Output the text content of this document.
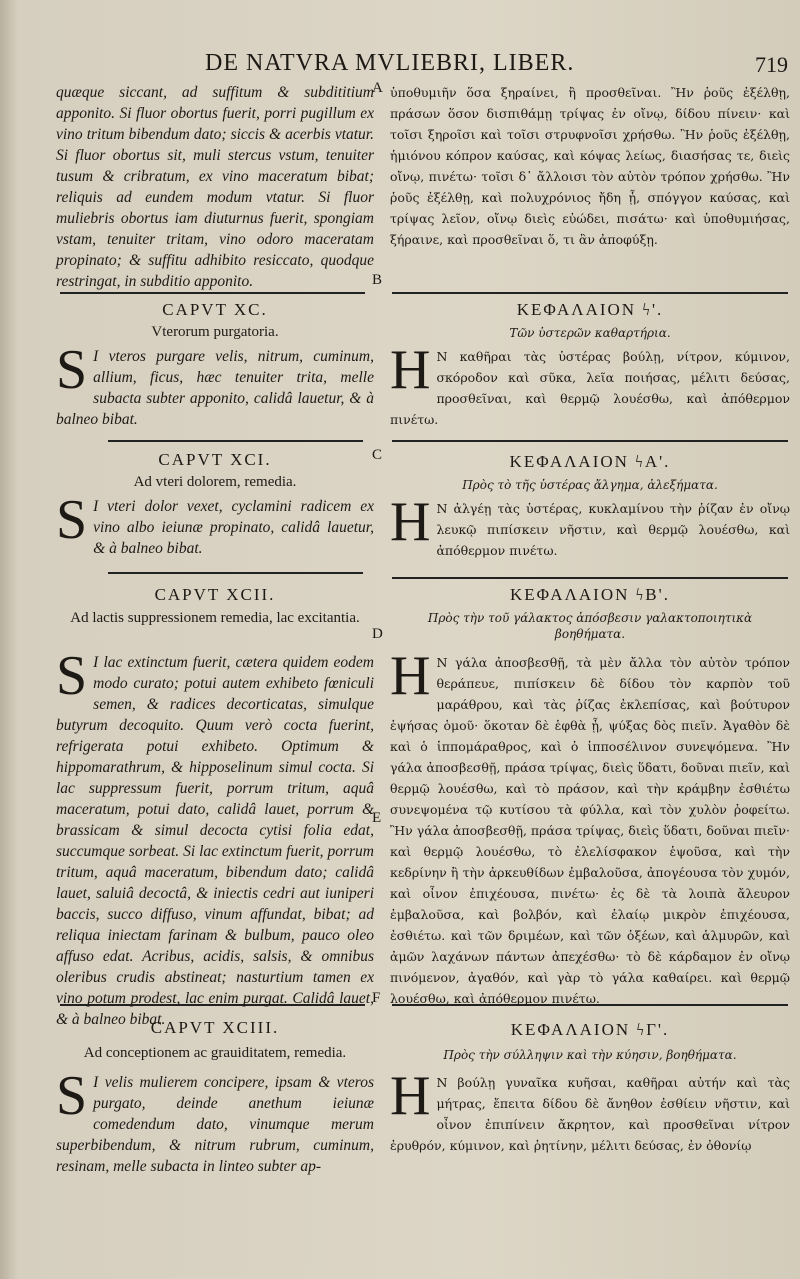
DE NATVRA MVLIEBRI, LIBER.	719
A
B
C
D
E
F
quæque siccant, ad suffitum & subdititium apponito. Si fluor obortus fuerit, porri pugillum ex vino tritum bibendum dato; siccis & acerbis vtatur. Si fluor obortus sit, muli stercus vstum, tenuiter tusum & cribratum, ex vino maceratum bibat; reliquis ad eundem modum vtatur. Si fluor muliebris obortus iam diuturnus fuerit, spongiam vstam, tenuiter tritam, vino odoro maceratam propinato; & suffitu adhibito resiccato, quodque restringat, in subditio apponito.
ὑποθυμιῆν ὅσα ξηραίνει, ἢ προσθεῖναι. Ἢν ῥοῦς ἐξέλθῃ, πράσων ὅσον δισπιθάμῃ τρίψας ἐν οἴνῳ, δίδου πίνειν· καὶ τοῖσι ξηροῖσι καὶ τοῖσι στρυφνοῖσι χρήσθω. Ἢν ῥοῦς ἐξέλθῃ, ἡμιόνου κόπρον καύσας, καὶ κόψας λείως, διασήσας τε, διεὶς οἴνῳ, πινέτω· τοῖσι δ᾽ ἄλλοισι τὸν αὐτὸν τρόπον χρήσθω. Ἢν ῥοῦς ἐξέλθῃ, καὶ πολυχρόνιος ἤδη ᾖ, σπόγγον καύσας, καὶ τρίψας λεῖον, οἴνῳ διεὶς εὐώδει, πισάτω· καὶ ὑποθυμιήσας, ξήραινε, καὶ προσθεῖναι ὅ, τι ἂν ἀποφύξῃ.
CAPVT XC.
Vterorum purgatoria.
S I vteros purgare velis, nitrum, cuminum, allium, ficus, hæc tenuiter trita, melle subacta subter apponito, calidâ lauetur, & à balneo bibat.
ΚΕΦΑΛΑΙΟΝ ϟ'.
Τῶν ὑστερῶν καθαρτήρια.
H Ν καθῆραι τὰς ὑστέρας βούλῃ, νίτρον, κύμινον, σκόροδον καὶ σῦκα, λεῖα ποιήσας, μέλιτι δεύσας, προσθεῖναι, καὶ θερμῷ λουέσθω, καὶ ἀπόθερμον πινέτω.
CAPVT XCI.
Ad vteri dolorem, remedia.
S I vteri dolor vexet, cyclamini radicem ex vino albo ieiunæ propinato, calidâ lauetur, & à balneo bibat.
ΚΕΦΑΛΑΙΟΝ ϟΑ'.
Πρὸς τὸ τῆς ὑστέρας ἄλγημα, ἀλεξήματα.
H Ν ἀλγέῃ τὰς ὑστέρας, κυκλαμίνου τὴν ῥίζαν ἐν οἴνῳ λευκῷ πιπίσκειν νῆστιν, καὶ θερμῷ λουέσθω, καὶ ἀπόθερμον πινέτω.
CAPVT XCII.
Ad lactis suppressionem remedia, lac excitantia.
S I lac extinctum fuerit, cætera quidem eodem modo curato; potui autem exhibeto fœniculi semen, & radices decorticatas, simulque butyrum decoquito. Quum verò cocta fuerint, refrigerata potui exhibeto. Optimum & hippomarathrum, & hipposelinum simul cocta. Si lac suppressum fuerit, porrum tritum, aquâ maceratum, potui dato, calidâ lauet, porrum & brassicam & simul decocta cytisi folia edat, succumque sorbeat. Si lac extinctum fuerit, porrum tritum, aquâ maceratum, bibendum dato; calidâ lauet, saluiâ decoctâ, & iniectis cedri aut iuniperi baccis, succo diffuso, vinum affundat, bibat; ad reliqua iniectam farinam & bulbum, pauco oleo affuso edat. Acribus, acidis, salsis, & omnibus oleribus crudis abstineat; nasturtium tamen ex vino potum prodest, lac enim purgat. Calidâ lauet, & à balneo bibat.
ΚΕΦΑΛΑΙΟΝ ϟΒ'.
Πρὸς τὴν τοῦ γάλακτος ἀπόσβεσιν γαλακτοποιητικὰ βοηθήματα.
H Ν γάλα ἀποσβεσθῇ, τὰ μὲν ἄλλα τὸν αὐτὸν τρόπον θεράπευε, πιπίσκειν δὲ δίδου τὸν καρπὸν τοῦ μαράθρου, καὶ τὰς ῥίζας ἐκλεπίσας, καὶ βούτυρον ἑψήσας ὁμοῦ· ὅκοταν δὲ ἑφθὰ ᾖ, ψύξας δὸς πιεῖν. Ἀγαθὸν δὲ καὶ ὁ ἱππομάραθρος, καὶ ὁ ἱπποσέλινον συνεψόμενα. Ἢν γάλα ἀποσβεσθῇ, πράσα τρίψας, διεὶς ὕδατι, δοῦναι πιεῖν, καὶ θερμῷ λουέσθω, καὶ τὸ πράσον, καὶ τὴν κράμβην ἐσθιέτω συνεψομένα τῷ κυτίσου τὰ φύλλα, καὶ τὸν χυλὸν ῥοφείτω. Ἢν γάλα ἀποσβεσθῇ, πράσα τρίψας, διεὶς ὕδατι, δοῦναι πιεῖν· καὶ θερμῷ λουέσθω, τὸ ἐλελίσφακον ἑψοῦσα, καὶ τὴν κεδρίνην ἢ τὴν ἀρκευθίδων ἐμβαλοῦσα, ἀπογέουσα τὸν χυμόν, καὶ οἶνον ἐπιχέουσα, πινέτω· ἐς δὲ τὰ λοιπὰ ἄλευρον ἐμβαλοῦσα, καὶ βολβόν, καὶ ἐλαίῳ μικρὸν ἐπιχέουσα, ἐσθιέτω. καὶ τῶν δριμέων, καὶ τῶν ὀξέων, καὶ ἁλμυρῶν, καὶ ἀμῶν λαχάνων πάντων ἀπεχέσθω· τὸ δὲ κάρδαμον ἐν οἴνῳ πινόμενον, ἀγαθόν, καὶ γὰρ τὸ γάλα καθαίρει. καὶ θερμῷ λουέσθω, καὶ ἀπόθερμον πινέτω.
CAPVT XCIII.
Ad conceptionem ac grauiditatem, remedia.
S I velis mulierem concipere, ipsam & vteros purgato, deinde anethum ieiunæ comedendum dato, vinumque merum superbibendum, & nitrum rubrum, cuminum, resinam, melle subacta in linteo subter ap-
ΚΕΦΑΛΑΙΟΝ ϟΓ'.
Πρὸς τὴν σύλληψιν καὶ τὴν κύησιν, βοηθήματα.
H Ν βούλῃ γυναῖκα κυῆσαι, καθῆραι αὐτήν καὶ τὰς μήτρας, ἔπειτα δίδου δὲ ἄνηθον ἐσθίειν νῆστιν, καὶ οἶνον ἐπιπίνειν ἄκρητον, καὶ προσθεῖναι νίτρον ἐρυθρόν, κύμινον, καὶ ῥητίνην, μέλιτι δεύσας, ἐν ὀθονίῳ
